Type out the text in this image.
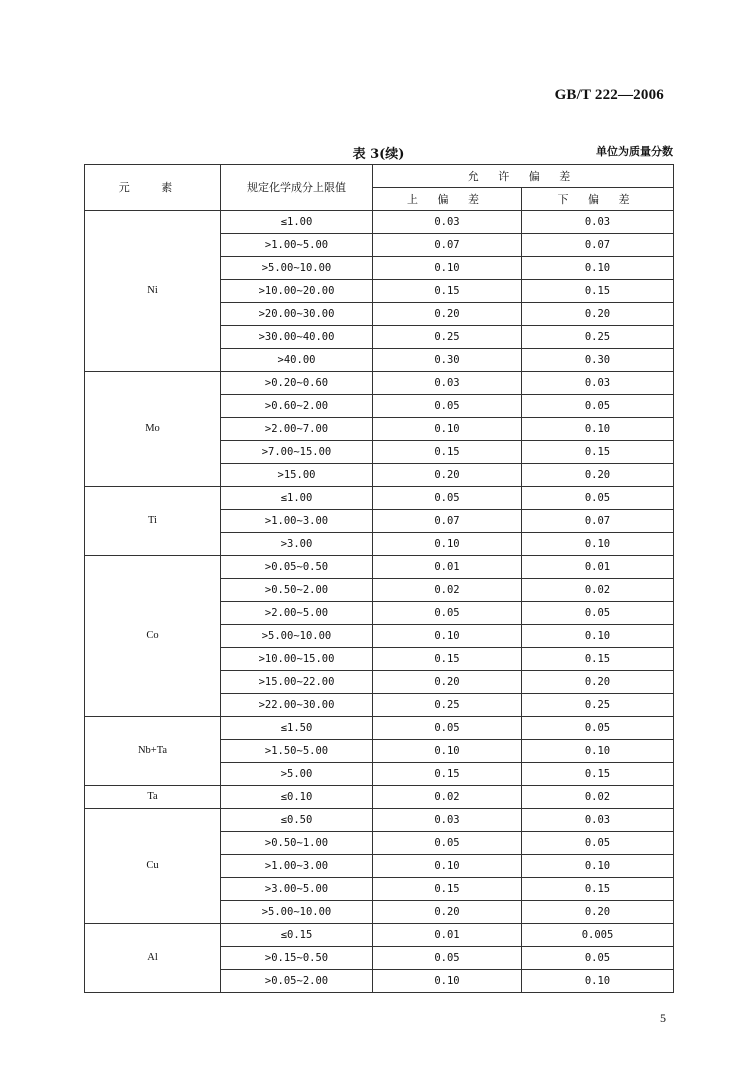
GB/T 222—2006
表 3(续)	单位为质量分数
元 素	规定化学成分上限值	允 许 偏 差	
		上 偏 差	下 偏 差
Ni	≤1.00	0.03	0.03
	>1.00~5.00	0.07	0.07
	>5.00~10.00	0.10	0.10
	>10.00~20.00	0.15	0.15
	>20.00~30.00	0.20	0.20
	>30.00~40.00	0.25	0.25
	>40.00	0.30	0.30
Mo	>0.20~0.60	0.03	0.03
	>0.60~2.00	0.05	0.05
	>2.00~7.00	0.10	0.10
	>7.00~15.00	0.15	0.15
	>15.00	0.20	0.20
Ti	≤1.00	0.05	0.05
	>1.00~3.00	0.07	0.07
	>3.00	0.10	0.10
Co	>0.05~0.50	0.01	0.01
	>0.50~2.00	0.02	0.02
	>2.00~5.00	0.05	0.05
	>5.00~10.00	0.10	0.10
	>10.00~15.00	0.15	0.15
	>15.00~22.00	0.20	0.20
	>22.00~30.00	0.25	0.25
Nb+Ta	≤1.50	0.05	0.05
	>1.50~5.00	0.10	0.10
	>5.00	0.15	0.15
Ta	≤0.10	0.02	0.02
Cu	≤0.50	0.03	0.03
	>0.50~1.00	0.05	0.05
	>1.00~3.00	0.10	0.10
	>3.00~5.00	0.15	0.15
	>5.00~10.00	0.20	0.20
Al	≤0.15	0.01	0.005
	>0.15~0.50	0.05	0.05
	>0.05~2.00	0.10	0.10
5
